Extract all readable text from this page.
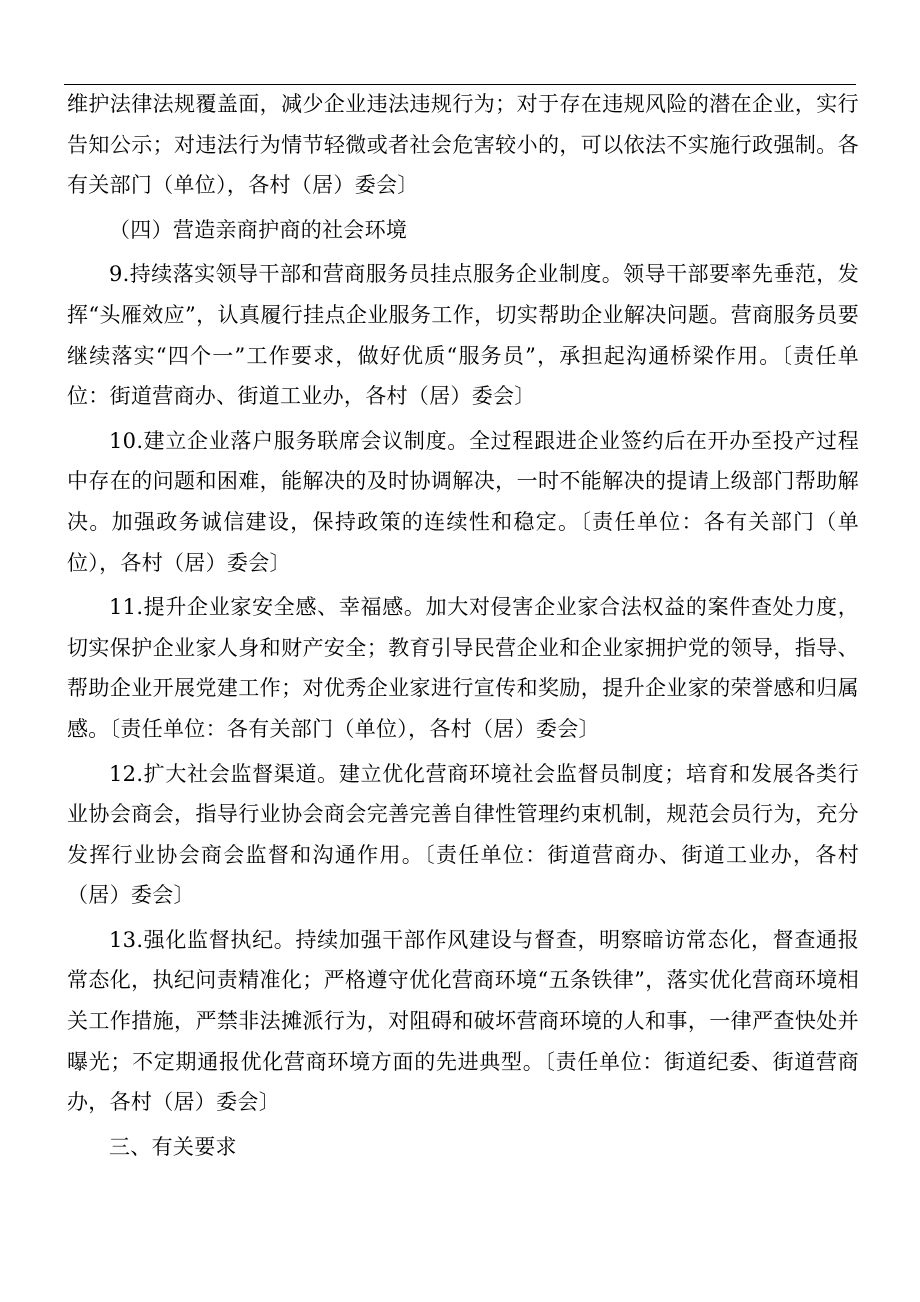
维护法律法规覆盖面，减少企业违法违规行为；对于存在违规风险的潜在企业，实行告知公示；对违法行为情节轻微或者社会危害较小的，可以依法不实施行政强制。各有关部门（单位），各村（居）委会〕

（四）营造亲商护商的社会环境

9.持续落实领导干部和营商服务员挂点服务企业制度。领导干部要率先垂范，发挥“头雁效应”，认真履行挂点企业服务工作，切实帮助企业解决问题。营商服务员要继续落实“四个一”工作要求，做好优质“服务员”，承担起沟通桥梁作用。〔责任单位：街道营商办、街道工业办，各村（居）委会〕

10.建立企业落户服务联席会议制度。全过程跟进企业签约后在开办至投产过程中存在的问题和困难，能解决的及时协调解决，一时不能解决的提请上级部门帮助解决。加强政务诚信建设，保持政策的连续性和稳定。〔责任单位：各有关部门（单位），各村（居）委会〕

11.提升企业家安全感、幸福感。加大对侵害企业家合法权益的案件查处力度，切实保护企业家人身和财产安全；教育引导民营企业和企业家拥护党的领导，指导、帮助企业开展党建工作；对优秀企业家进行宣传和奖励，提升企业家的荣誉感和归属感。〔责任单位：各有关部门（单位），各村（居）委会〕

12.扩大社会监督渠道。建立优化营商环境社会监督员制度；培育和发展各类行业协会商会，指导行业协会商会完善完善自律性管理约束机制，规范会员行为，充分发挥行业协会商会监督和沟通作用。〔责任单位：街道营商办、街道工业办，各村（居）委会〕

13.强化监督执纪。持续加强干部作风建设与督查，明察暗访常态化，督查通报常态化，执纪问责精准化；严格遵守优化营商环境“五条铁律”，落实优化营商环境相关工作措施，严禁非法摊派行为，对阻碍和破坏营商环境的人和事，一律严查快处并曝光；不定期通报优化营商环境方面的先进典型。〔责任单位：街道纪委、街道营商办，各村（居）委会〕

三、有关要求
